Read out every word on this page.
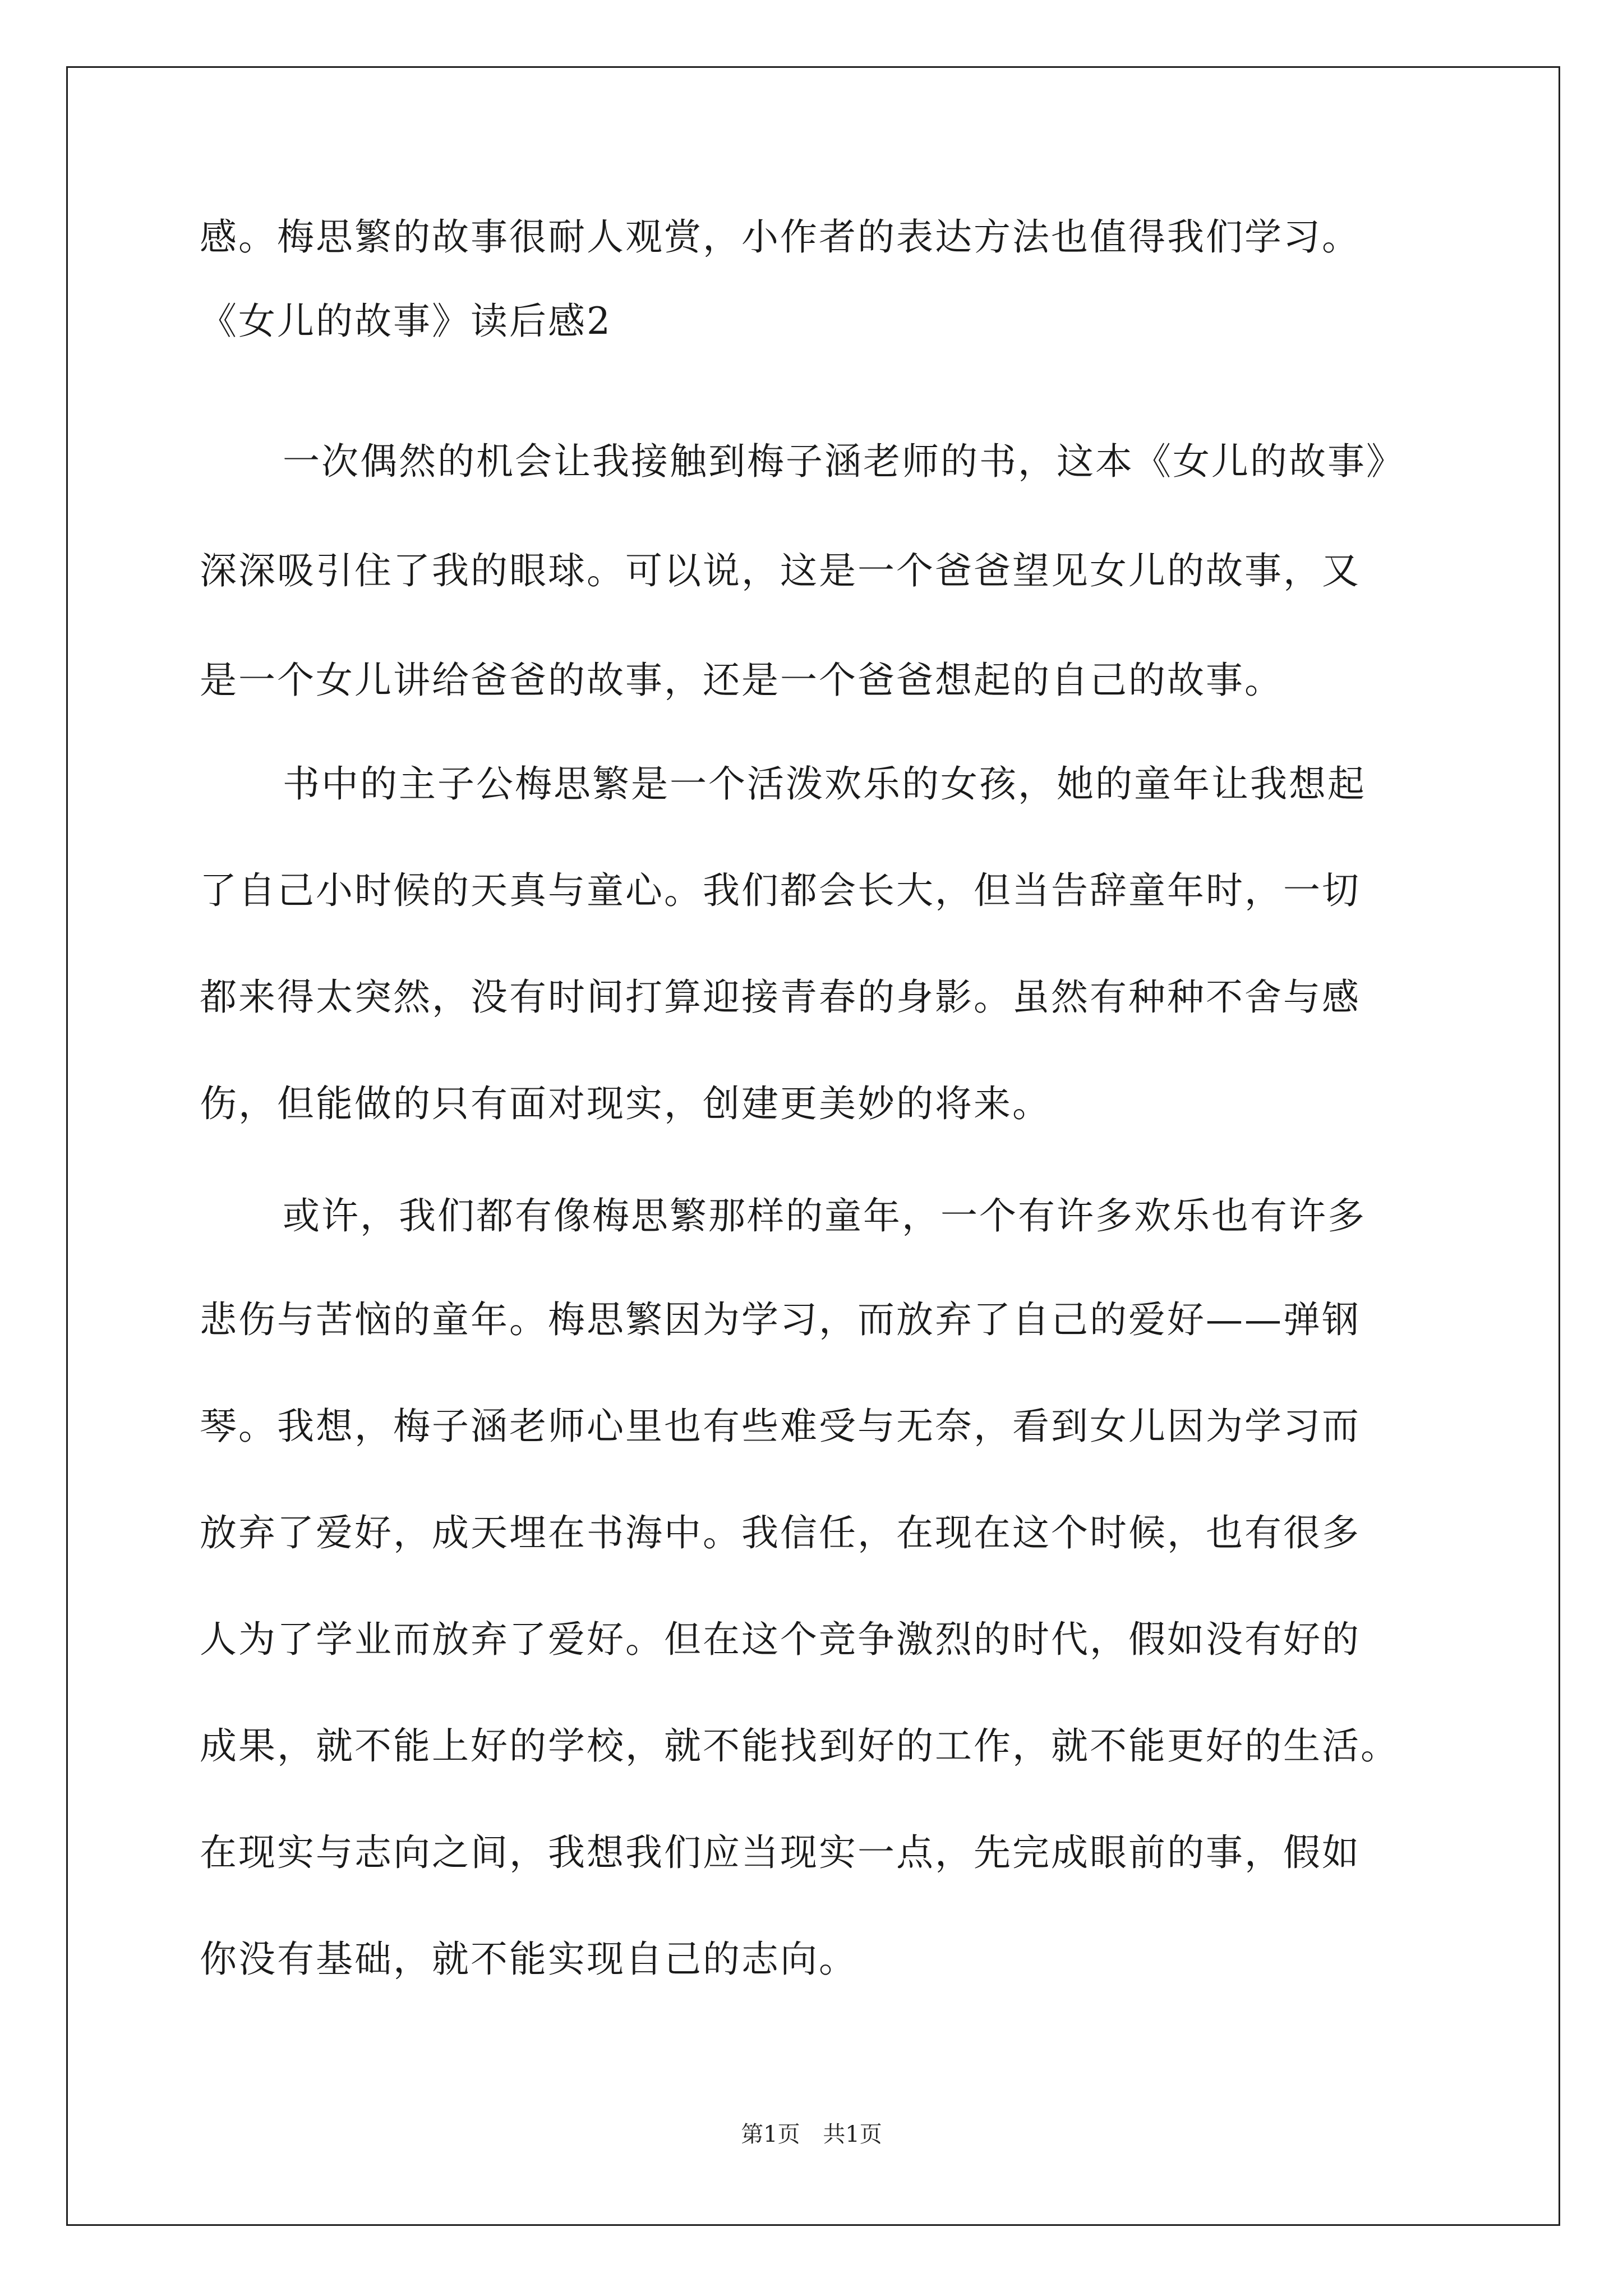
感。梅思繁的故事很耐人观赏，小作者的表达方法也值得我们学习。
《女儿的故事》读后感2
一次偶然的机会让我接触到梅子涵老师的书，这本《女儿的故事》
深深吸引住了我的眼球。可以说，这是一个爸爸望见女儿的故事，又
是一个女儿讲给爸爸的故事，还是一个爸爸想起的自己的故事。
书中的主子公梅思繁是一个活泼欢乐的女孩，她的童年让我想起
了自己小时候的天真与童心。我们都会长大，但当告辞童年时，一切
都来得太突然，没有时间打算迎接青春的身影。虽然有种种不舍与感
伤，但能做的只有面对现实，创建更美妙的将来。
或许，我们都有像梅思繁那样的童年，一个有许多欢乐也有许多
悲伤与苦恼的童年。梅思繁因为学习，而放弃了自己的爱好——弹钢
琴。我想，梅子涵老师心里也有些难受与无奈，看到女儿因为学习而
放弃了爱好，成天埋在书海中。我信任，在现在这个时候，也有很多
人为了学业而放弃了爱好。但在这个竞争激烈的时代，假如没有好的
成果，就不能上好的学校，就不能找到好的工作，就不能更好的生活。
在现实与志向之间，我想我们应当现实一点，先完成眼前的事，假如
你没有基础，就不能实现自己的志向。
第1页 共1页
